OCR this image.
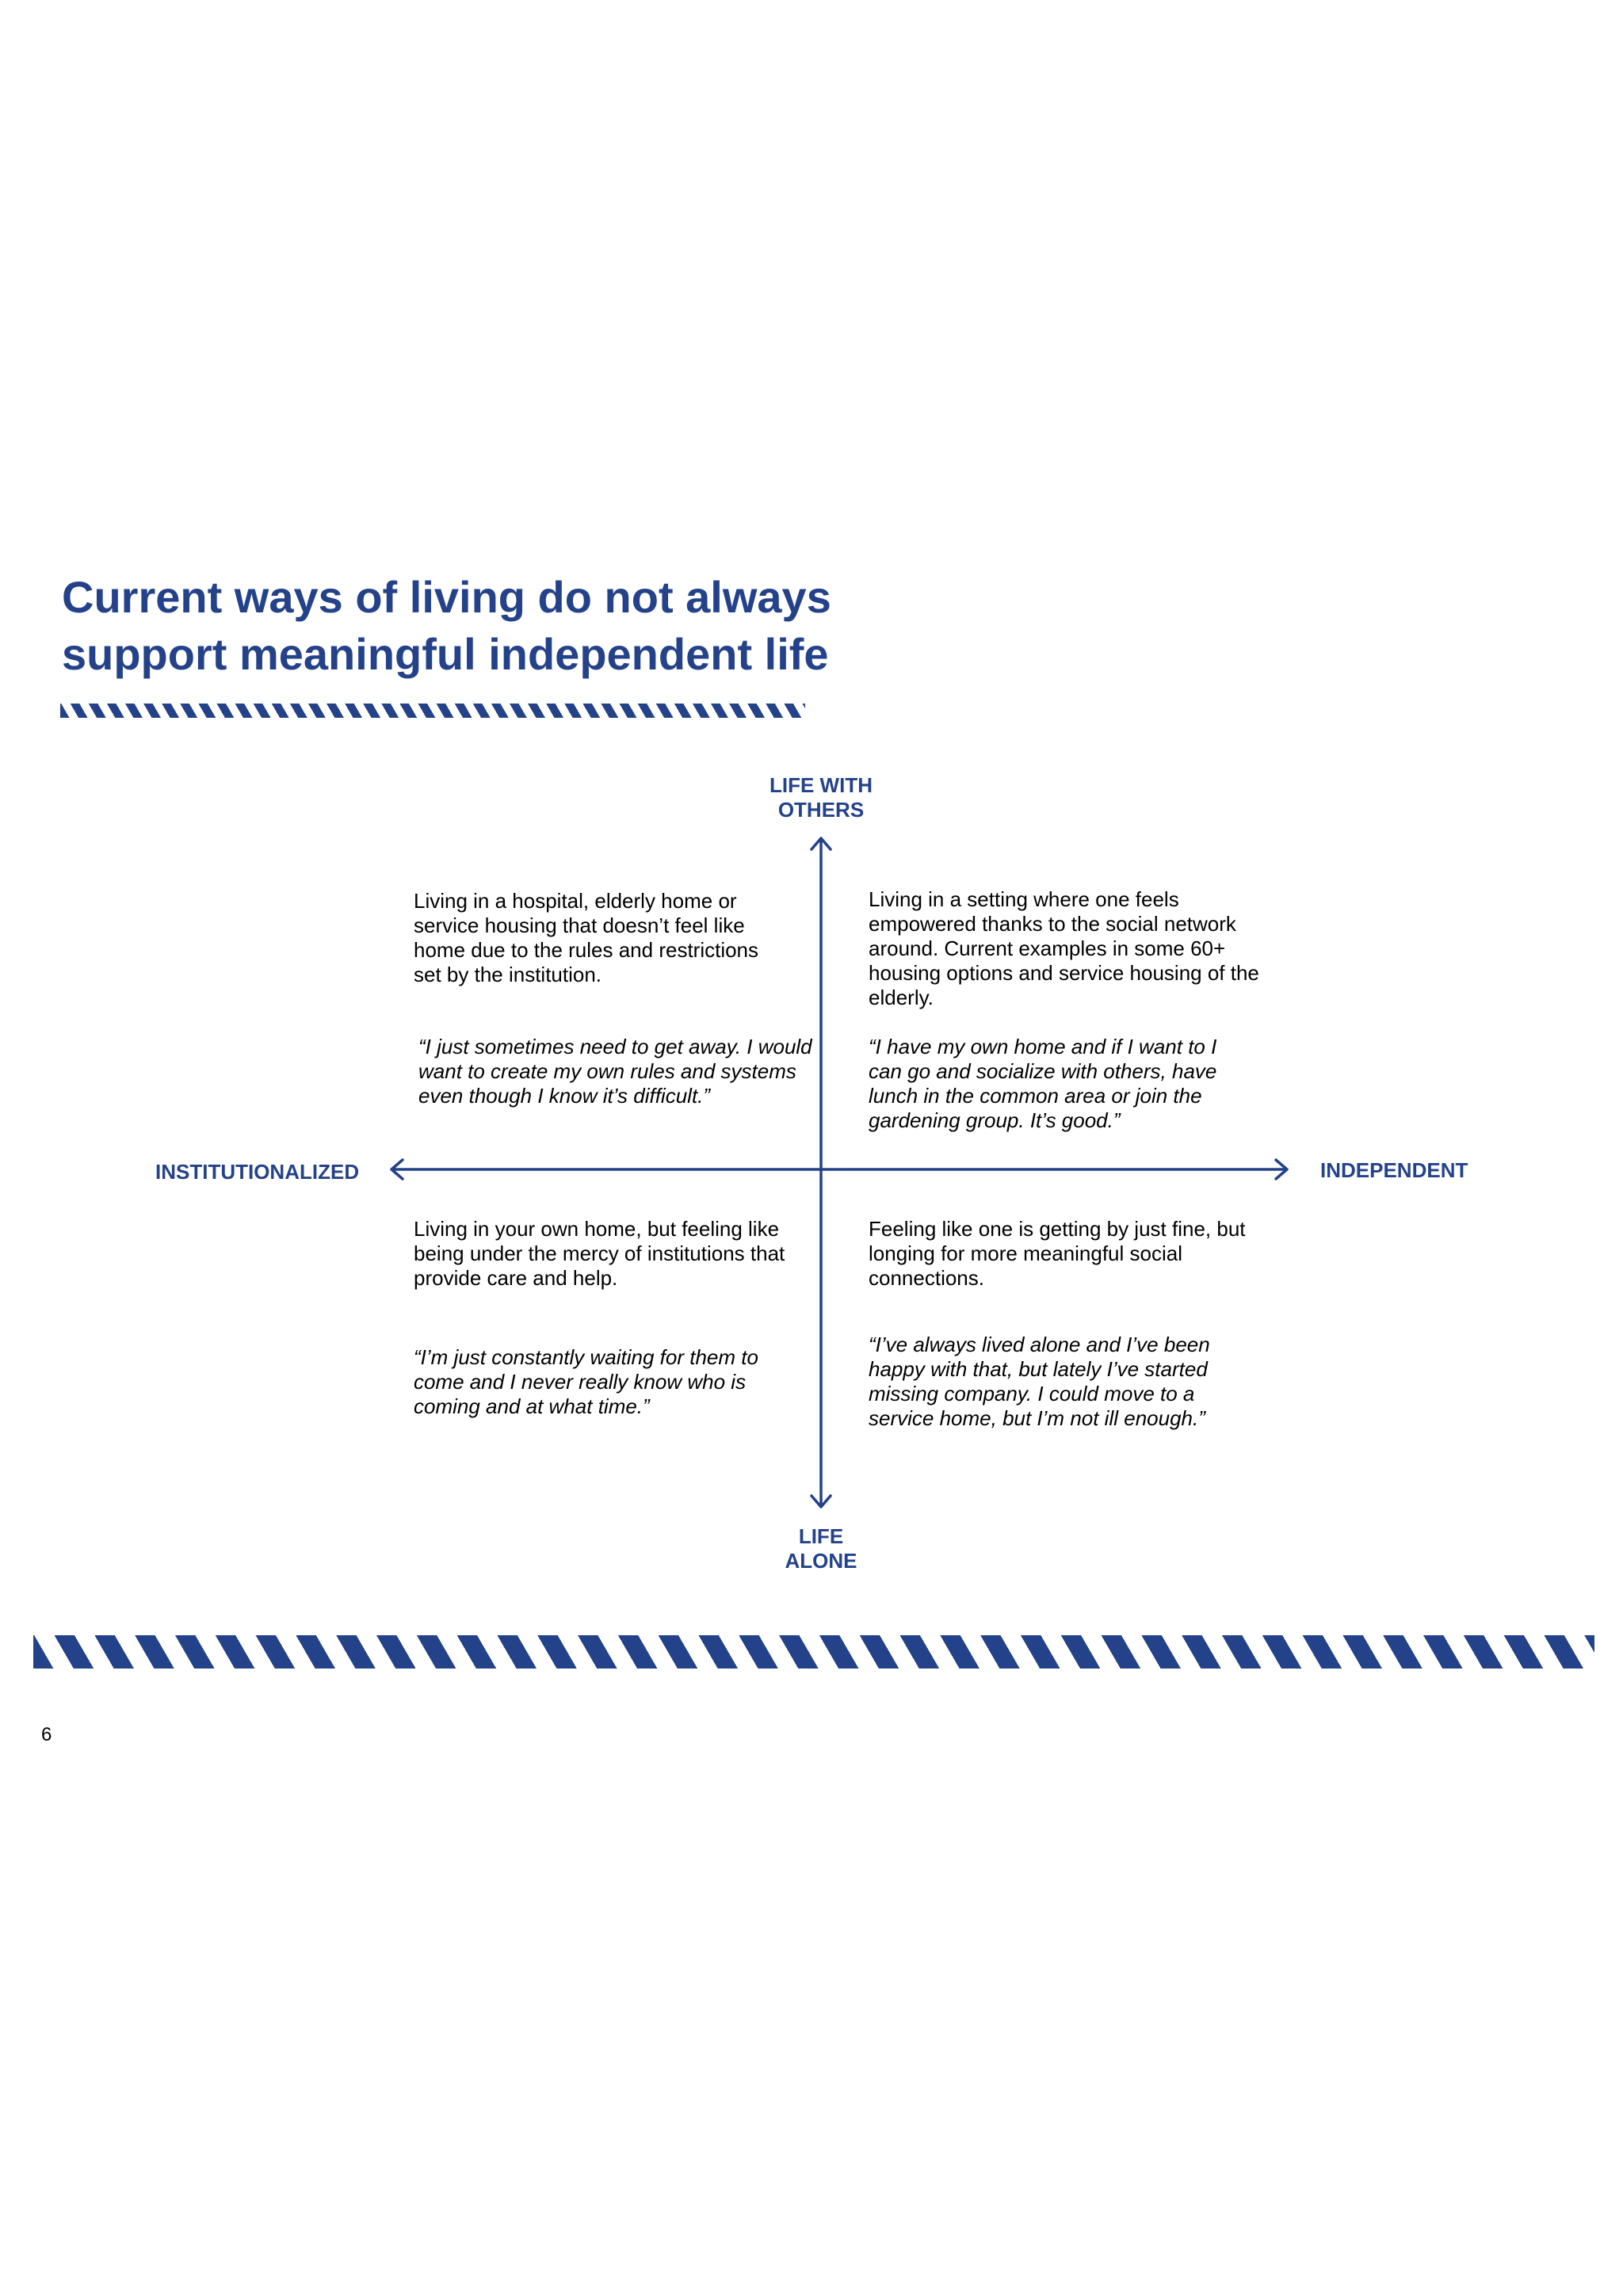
Current ways of living do not always
support meaningful independent life

LIFE WITH
OTHERS

LIFE
ALONE

INSTITUTIONALIZED	INDEPENDENT

Living in a hospital, elderly home or service housing that doesn’t feel like home due to the rules and restrictions set by the institution.

“I just sometimes need to get away. I would want to create my own rules and systems even though I know it’s difficult.”

Living in a setting where one feels empowered thanks to the social network around. Current examples in some 60+ housing options and service housing of the elderly.

“I have my own home and if I want to I can go and socialize with others, have lunch in the common area or join the gardening group. It’s good.”

Living in your own home, but feeling like being under the mercy of institutions that provide care and help.

“I’m just constantly waiting for them to come and I never really know who is coming and at what time.”

Feeling like one is getting by just fine, but longing for more meaningful social connections.

“I’ve always lived alone and I’ve been happy with that, but lately I’ve started missing company. I could move to a service home, but I’m not ill enough.”

6
